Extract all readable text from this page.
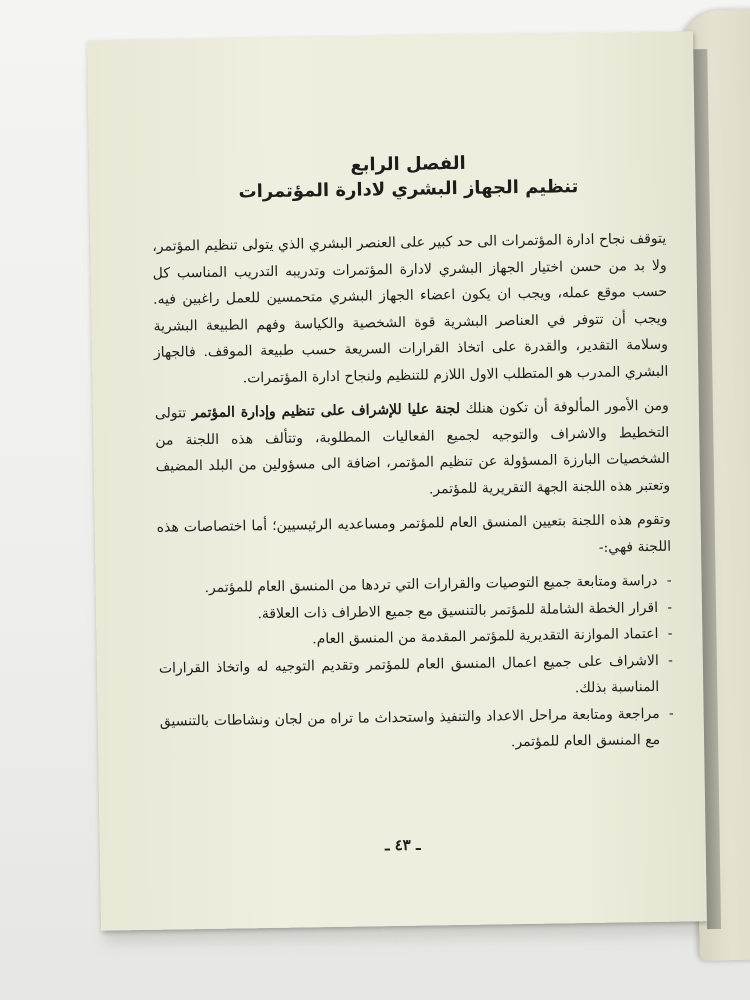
الفصل الرابع
تنظيم الجهاز البشري لادارة المؤتمرات

يتوقف نجاح ادارة المؤتمرات الى حد كبير على العنصر البشري الذي يتولى تنظيم المؤتمر، ولا بد من حسن اختيار الجهاز البشري لادارة المؤتمرات وتدريبه التدريب المناسب كل حسب موقع عمله، ويجب ان يكون اعضاء الجهاز البشري متحمسين للعمل راغبين فيه. ويجب أن تتوفر في العناصر البشرية قوة الشخصية والكياسة وفهم الطبيعة البشرية وسلامة التقدير، والقدرة على اتخاذ القرارات السريعة حسب طبيعة الموقف. فالجهاز البشري المدرب هو المتطلب الاول اللازم للتنظيم ولنجاح ادارة المؤتمرات.

ومن الأمور المألوفة أن تكون هنلك لجنة عليا للإشراف على تنظيم وإدارة المؤتمر تتولى التخطيط والاشراف والتوجيه لجميع الفعاليات المطلوبة، وتتألف هذه اللجنة من الشخصيات البارزة المسؤولة عن تنظيم المؤتمر، اضافة الى مسؤولين من البلد المضيف وتعتبر هذه اللجنة الجهة التقريرية للمؤتمر.

وتقوم هذه اللجنة بتعيين المنسق العام للمؤتمر ومساعديه الرئيسيين؛ أما اختصاصات هذه اللجنة فهي:-

- دراسة ومتابعة جميع التوصيات والقرارات التي تردها من المنسق العام للمؤتمر.
- اقرار الخطة الشاملة للمؤتمر بالتنسيق مع جميع الاطراف ذات العلاقة.
- اعتماد الموازنة التقديرية للمؤتمر المقدمة من المنسق العام.
- الاشراف على جميع اعمال المنسق العام للمؤتمر وتقديم التوجيه له واتخاذ القرارات المناسبة بذلك.
- مراجعة ومتابعة مراحل الاعداد والتنفيذ واستحداث ما تراه من لجان ونشاطات بالتنسيق مع المنسق العام للمؤتمر.
ـ ٤٣ ـ
